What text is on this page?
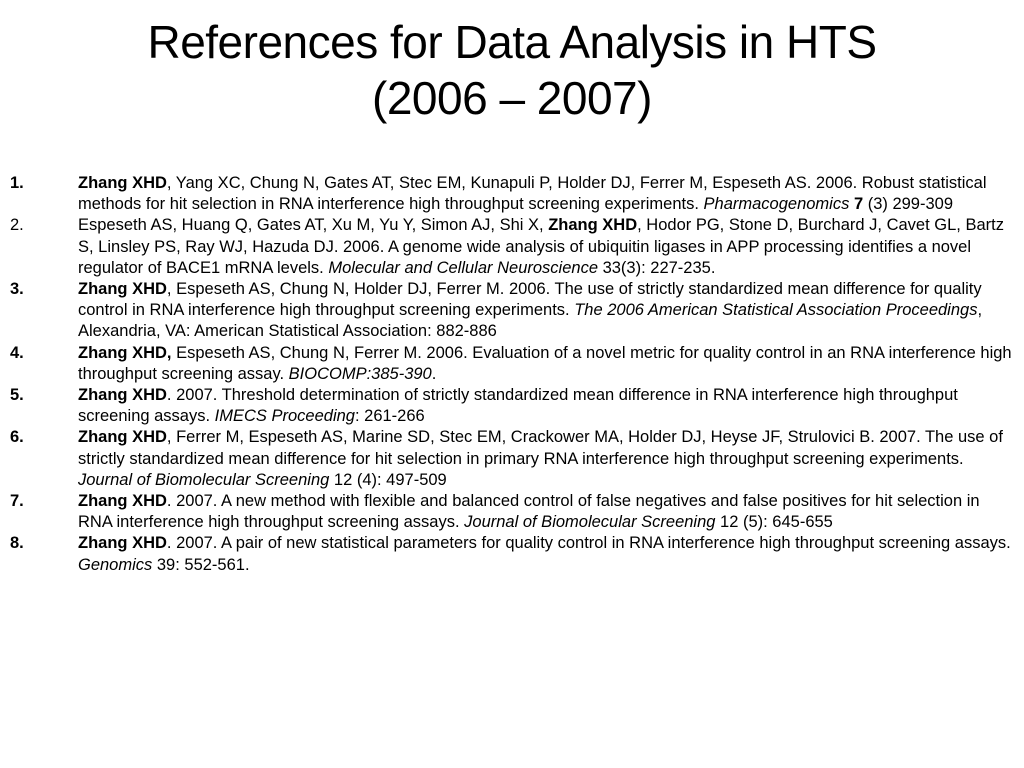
References for Data Analysis in HTS
(2006 – 2007)
1.	Zhang XHD, Yang XC, Chung N, Gates AT, Stec EM, Kunapuli P, Holder DJ, Ferrer M, Espeseth AS. 2006. Robust statistical methods for hit selection in RNA interference high throughput screening experiments. Pharmacogenomics 7 (3) 299-309
2.	Espeseth AS, Huang Q, Gates AT, Xu M, Yu Y, Simon AJ, Shi X, Zhang XHD, Hodor PG, Stone D, Burchard J, Cavet GL, Bartz S, Linsley PS, Ray WJ, Hazuda DJ. 2006. A genome wide analysis of ubiquitin ligases in APP processing identifies a novel regulator of BACE1 mRNA levels. Molecular and Cellular Neuroscience 33(3): 227-235.
3.	Zhang XHD, Espeseth AS, Chung N, Holder DJ, Ferrer M. 2006. The use of strictly standardized mean difference for quality control in RNA interference high throughput screening experiments. The 2006 American Statistical Association Proceedings, Alexandria, VA: American Statistical Association: 882-886
4.	Zhang XHD, Espeseth AS, Chung N, Ferrer M. 2006. Evaluation of a novel metric for quality control in an RNA interference high throughput screening assay. BIOCOMP:385-390.
5.	Zhang XHD. 2007. Threshold determination of strictly standardized mean difference in RNA interference high throughput screening assays. IMECS Proceeding: 261-266
6.	Zhang XHD, Ferrer M, Espeseth AS, Marine SD, Stec EM, Crackower MA, Holder DJ, Heyse JF, Strulovici B. 2007. The use of strictly standardized mean difference for hit selection in primary RNA interference high throughput screening experiments. Journal of Biomolecular Screening 12 (4): 497-509
7.	Zhang XHD. 2007. A new method with flexible and balanced control of false negatives and false positives for hit selection in RNA interference high throughput screening assays. Journal of Biomolecular Screening 12 (5): 645-655
8.	Zhang XHD. 2007. A pair of new statistical parameters for quality control in RNA interference high throughput screening assays. Genomics 39: 552-561.
